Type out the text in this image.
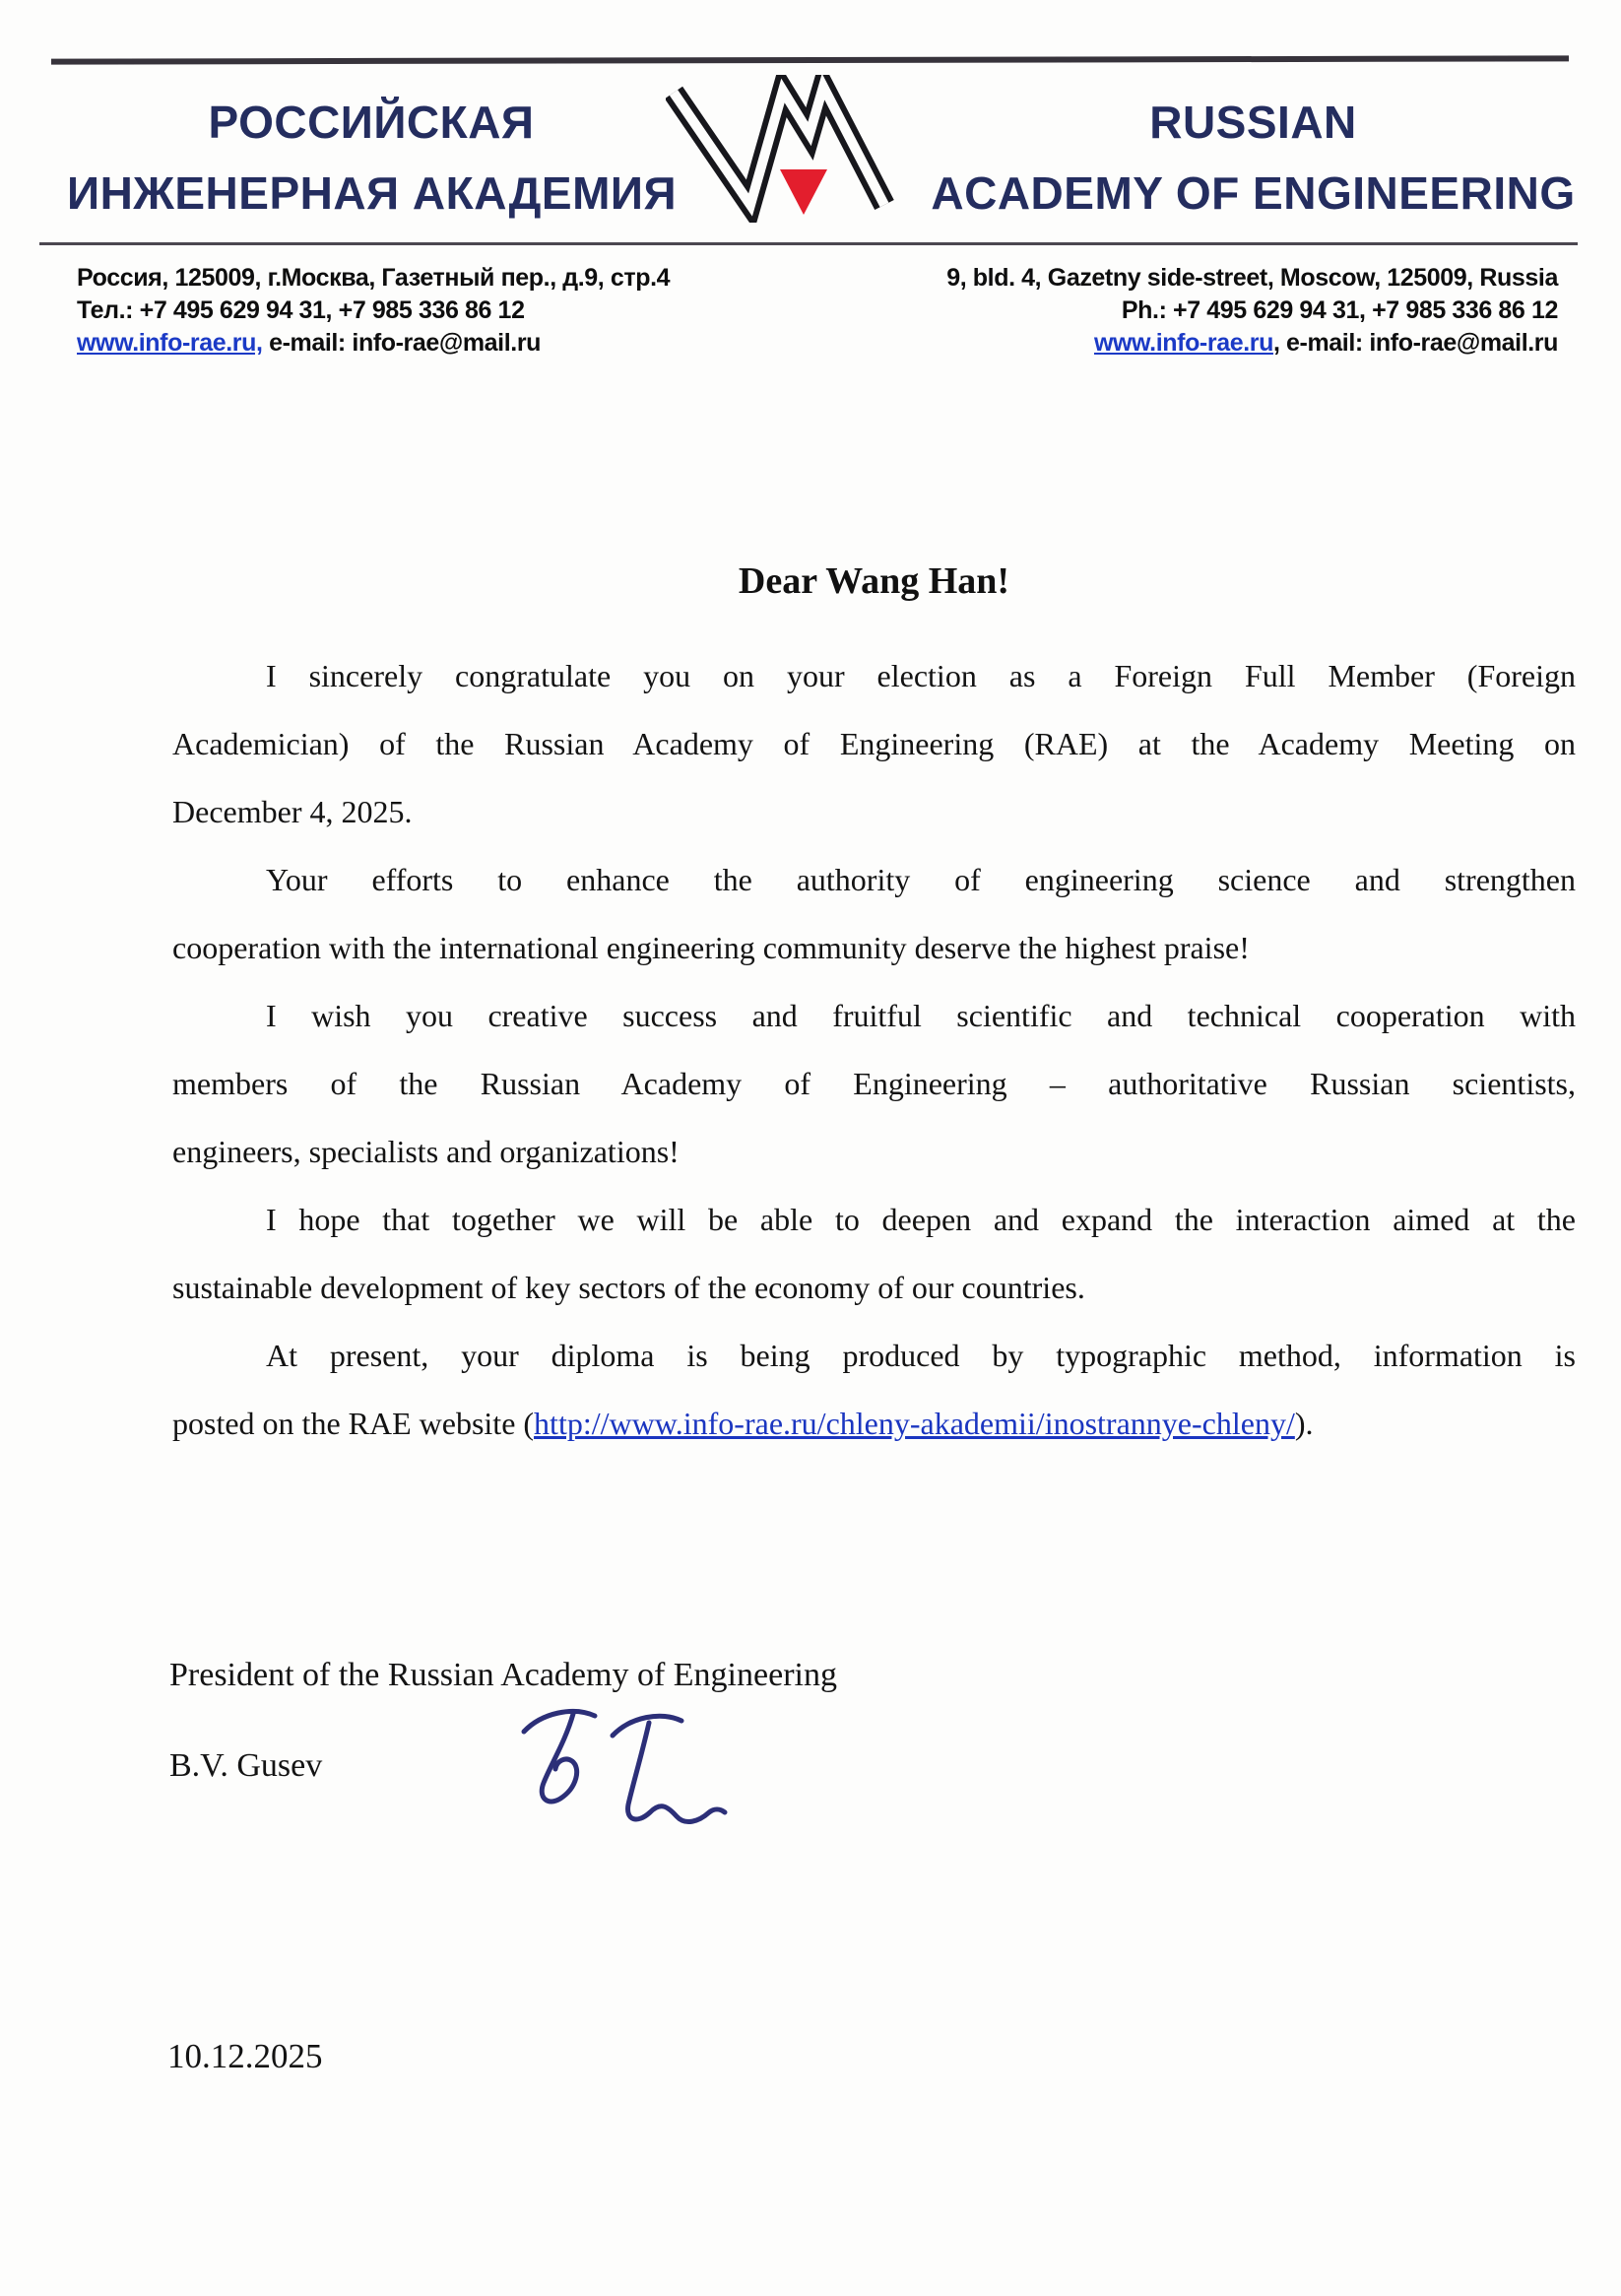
РОССИЙСКАЯ
ИНЖЕНЕРНАЯ АКАДЕМИЯ
RUSSIAN
ACADEMY OF ENGINEERING
Россия, 125009, г.Москва, Газетный пер., д.9, стр.4
Тел.: +7 495 629 94 31, +7 985 336 86 12
www.info-rae.ru, e-mail: info-rae@mail.ru
9, bld. 4, Gazetny side-street, Moscow, 125009, Russia
Ph.: +7 495 629 94 31, +7 985 336 86 12
www.info-rae.ru, e-mail: info-rae@mail.ru
Dear Wang Han!
I sincerely congratulate you on your election as a Foreign Full Member (Foreign
Academician) of the Russian Academy of Engineering (RAE) at the Academy Meeting on
December 4, 2025.
Your efforts to enhance the authority of engineering science and strengthen
cooperation with the international engineering community deserve the highest praise!
I wish you creative success and fruitful scientific and technical cooperation with
members of the Russian Academy of Engineering – authoritative Russian scientists,
engineers, specialists and organizations!
I hope that together we will be able to deepen and expand the interaction aimed at the
sustainable development of key sectors of the economy of our countries.
At present, your diploma is being produced by typographic method, information is
posted on the RAE website (http://www.info-rae.ru/chleny-akademii/inostrannye-chleny/).
President of the Russian Academy of Engineering
B.V. Gusev
10.12.2025
